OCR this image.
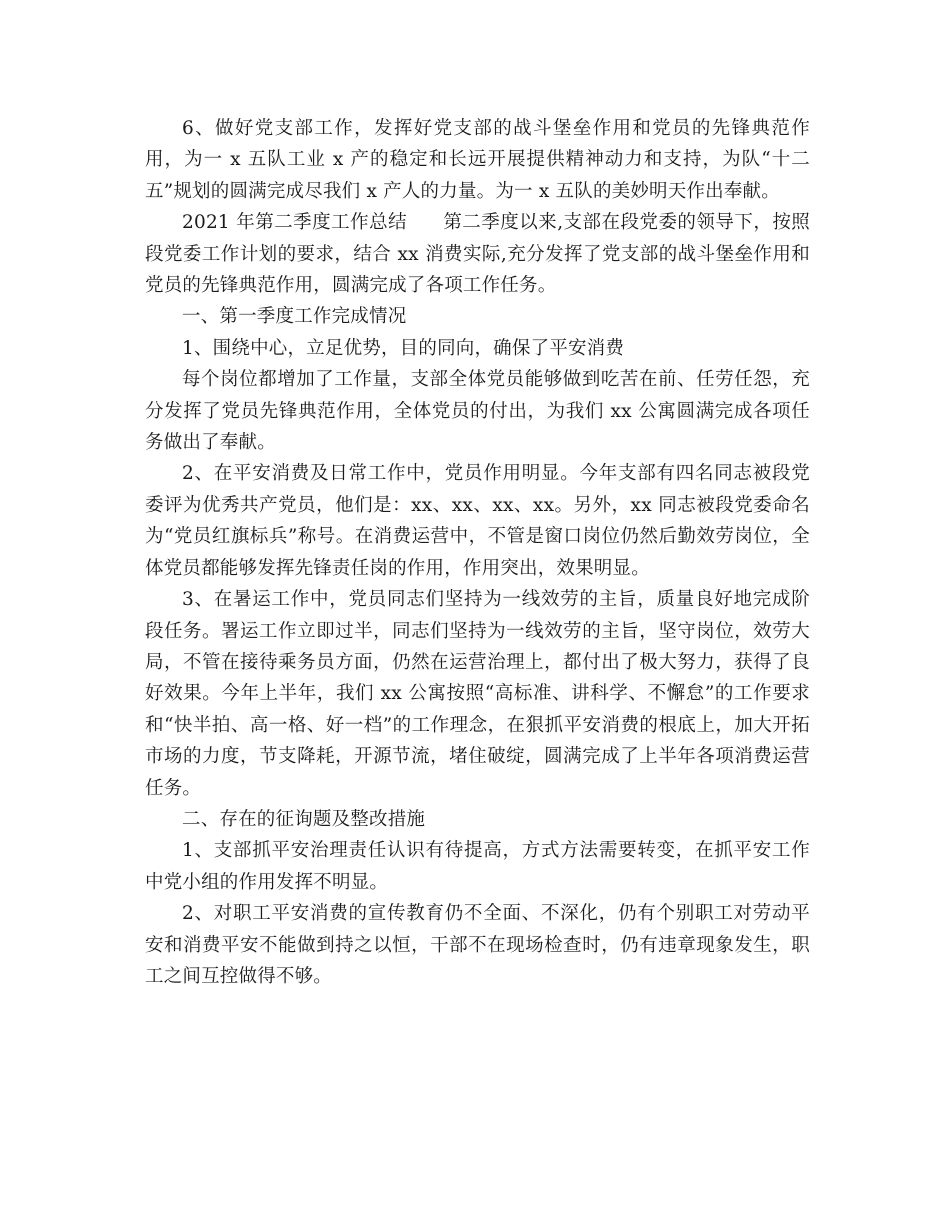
6、做好党支部工作，发挥好党支部的战斗堡垒作用和党员的先锋典范作用，为一 x 五队工业 x 产的稳定和长远开展提供精神动力和支持，为队“十二五”规划的圆满完成尽我们 x 产人的力量。为一 x 五队的美妙明天作出奉献。

2021 年第二季度工作总结 第二季度以来,支部在段党委的领导下，按照段党委工作计划的要求，结合 xx 消费实际,充分发挥了党支部的战斗堡垒作用和党员的先锋典范作用，圆满完成了各项工作任务。

一、第一季度工作完成情况

1、围绕中心，立足优势，目的同向，确保了平安消费

每个岗位都增加了工作量，支部全体党员能够做到吃苦在前、任劳任怨，充分发挥了党员先锋典范作用，全体党员的付出，为我们 xx 公寓圆满完成各项任务做出了奉献。

2、在平安消费及日常工作中，党员作用明显。今年支部有四名同志被段党委评为优秀共产党员，他们是：xx、xx、xx、xx。另外，xx 同志被段党委命名为“党员红旗标兵”称号。在消费运营中，不管是窗口岗位仍然后勤效劳岗位，全体党员都能够发挥先锋责任岗的作用，作用突出，效果明显。

3、在暑运工作中，党员同志们坚持为一线效劳的主旨，质量良好地完成阶段任务。署运工作立即过半，同志们坚持为一线效劳的主旨，坚守岗位，效劳大局，不管在接待乘务员方面，仍然在运营治理上，都付出了极大努力，获得了良好效果。今年上半年，我们 xx 公寓按照“高标准、讲科学、不懈怠”的工作要求和“快半拍、高一格、好一档”的工作理念，在狠抓平安消费的根底上，加大开拓市场的力度，节支降耗，开源节流，堵住破绽，圆满完成了上半年各项消费运营任务。

二、存在的征询题及整改措施

1、支部抓平安治理责任认识有待提高，方式方法需要转变，在抓平安工作中党小组的作用发挥不明显。

2、对职工平安消费的宣传教育仍不全面、不深化，仍有个别职工对劳动平安和消费平安不能做到持之以恒，干部不在现场检查时，仍有违章现象发生，职工之间互控做得不够。
